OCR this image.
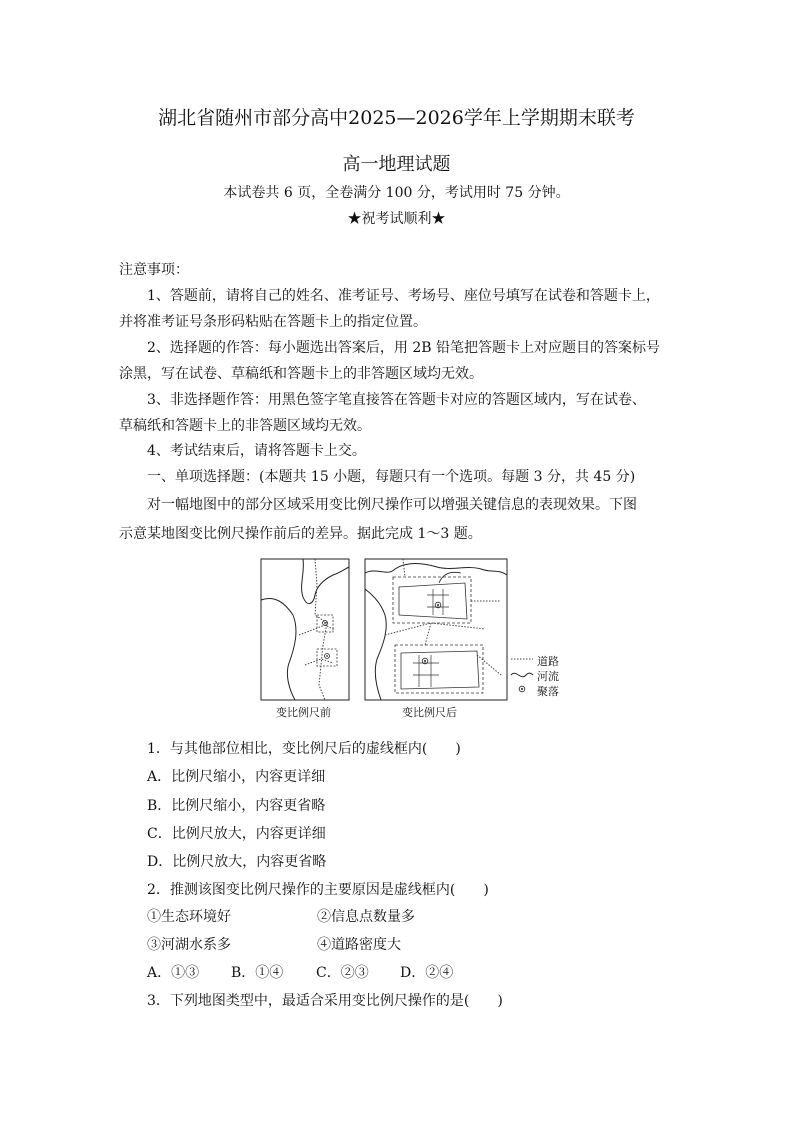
湖北省随州市部分高中2025—2026学年上学期期末联考
高一地理试题
本试卷共 6 页，全卷满分 100 分，考试用时 75 分钟。
★祝考试顺利★
注意事项：
1、答题前，请将自己的姓名、准考证号、考场号、座位号填写在试卷和答题卡上，
并将准考证号条形码粘贴在答题卡上的指定位置。
2、选择题的作答：每小题选出答案后，用 2B 铅笔把答题卡上对应题目的答案标号
涂黑，写在试卷、草稿纸和答题卡上的非答题区域均无效。
3、非选择题作答：用黑色签字笔直接答在答题卡对应的答题区域内，写在试卷、
草稿纸和答题卡上的非答题区域均无效。
4、考试结束后，请将答题卡上交。
一、单项选择题：(本题共 15 小题，每题只有一个选项。每题 3 分，共 45 分)
对一幅地图中的部分区域采用变比例尺操作可以增强关键信息的表现效果。下图
示意某地图变比例尺操作前后的差异。据此完成 1～3 题。
道路
河流
聚落
变比例尺前	变比例尺后
1．与其他部位相比，变比例尺后的虚线框内(　　)
A．比例尺缩小，内容更详细
B．比例尺缩小，内容更省略
C．比例尺放大，内容更详细
D．比例尺放大，内容更省略
2．推测该图变比例尺操作的主要原因是虚线框内(　　)
①生态环境好	②信息点数量多
③河湖水系多	④道路密度大
A．①③ B．①④ C．②③ D．②④
3．下列地图类型中，最适合采用变比例尺操作的是(　　)
